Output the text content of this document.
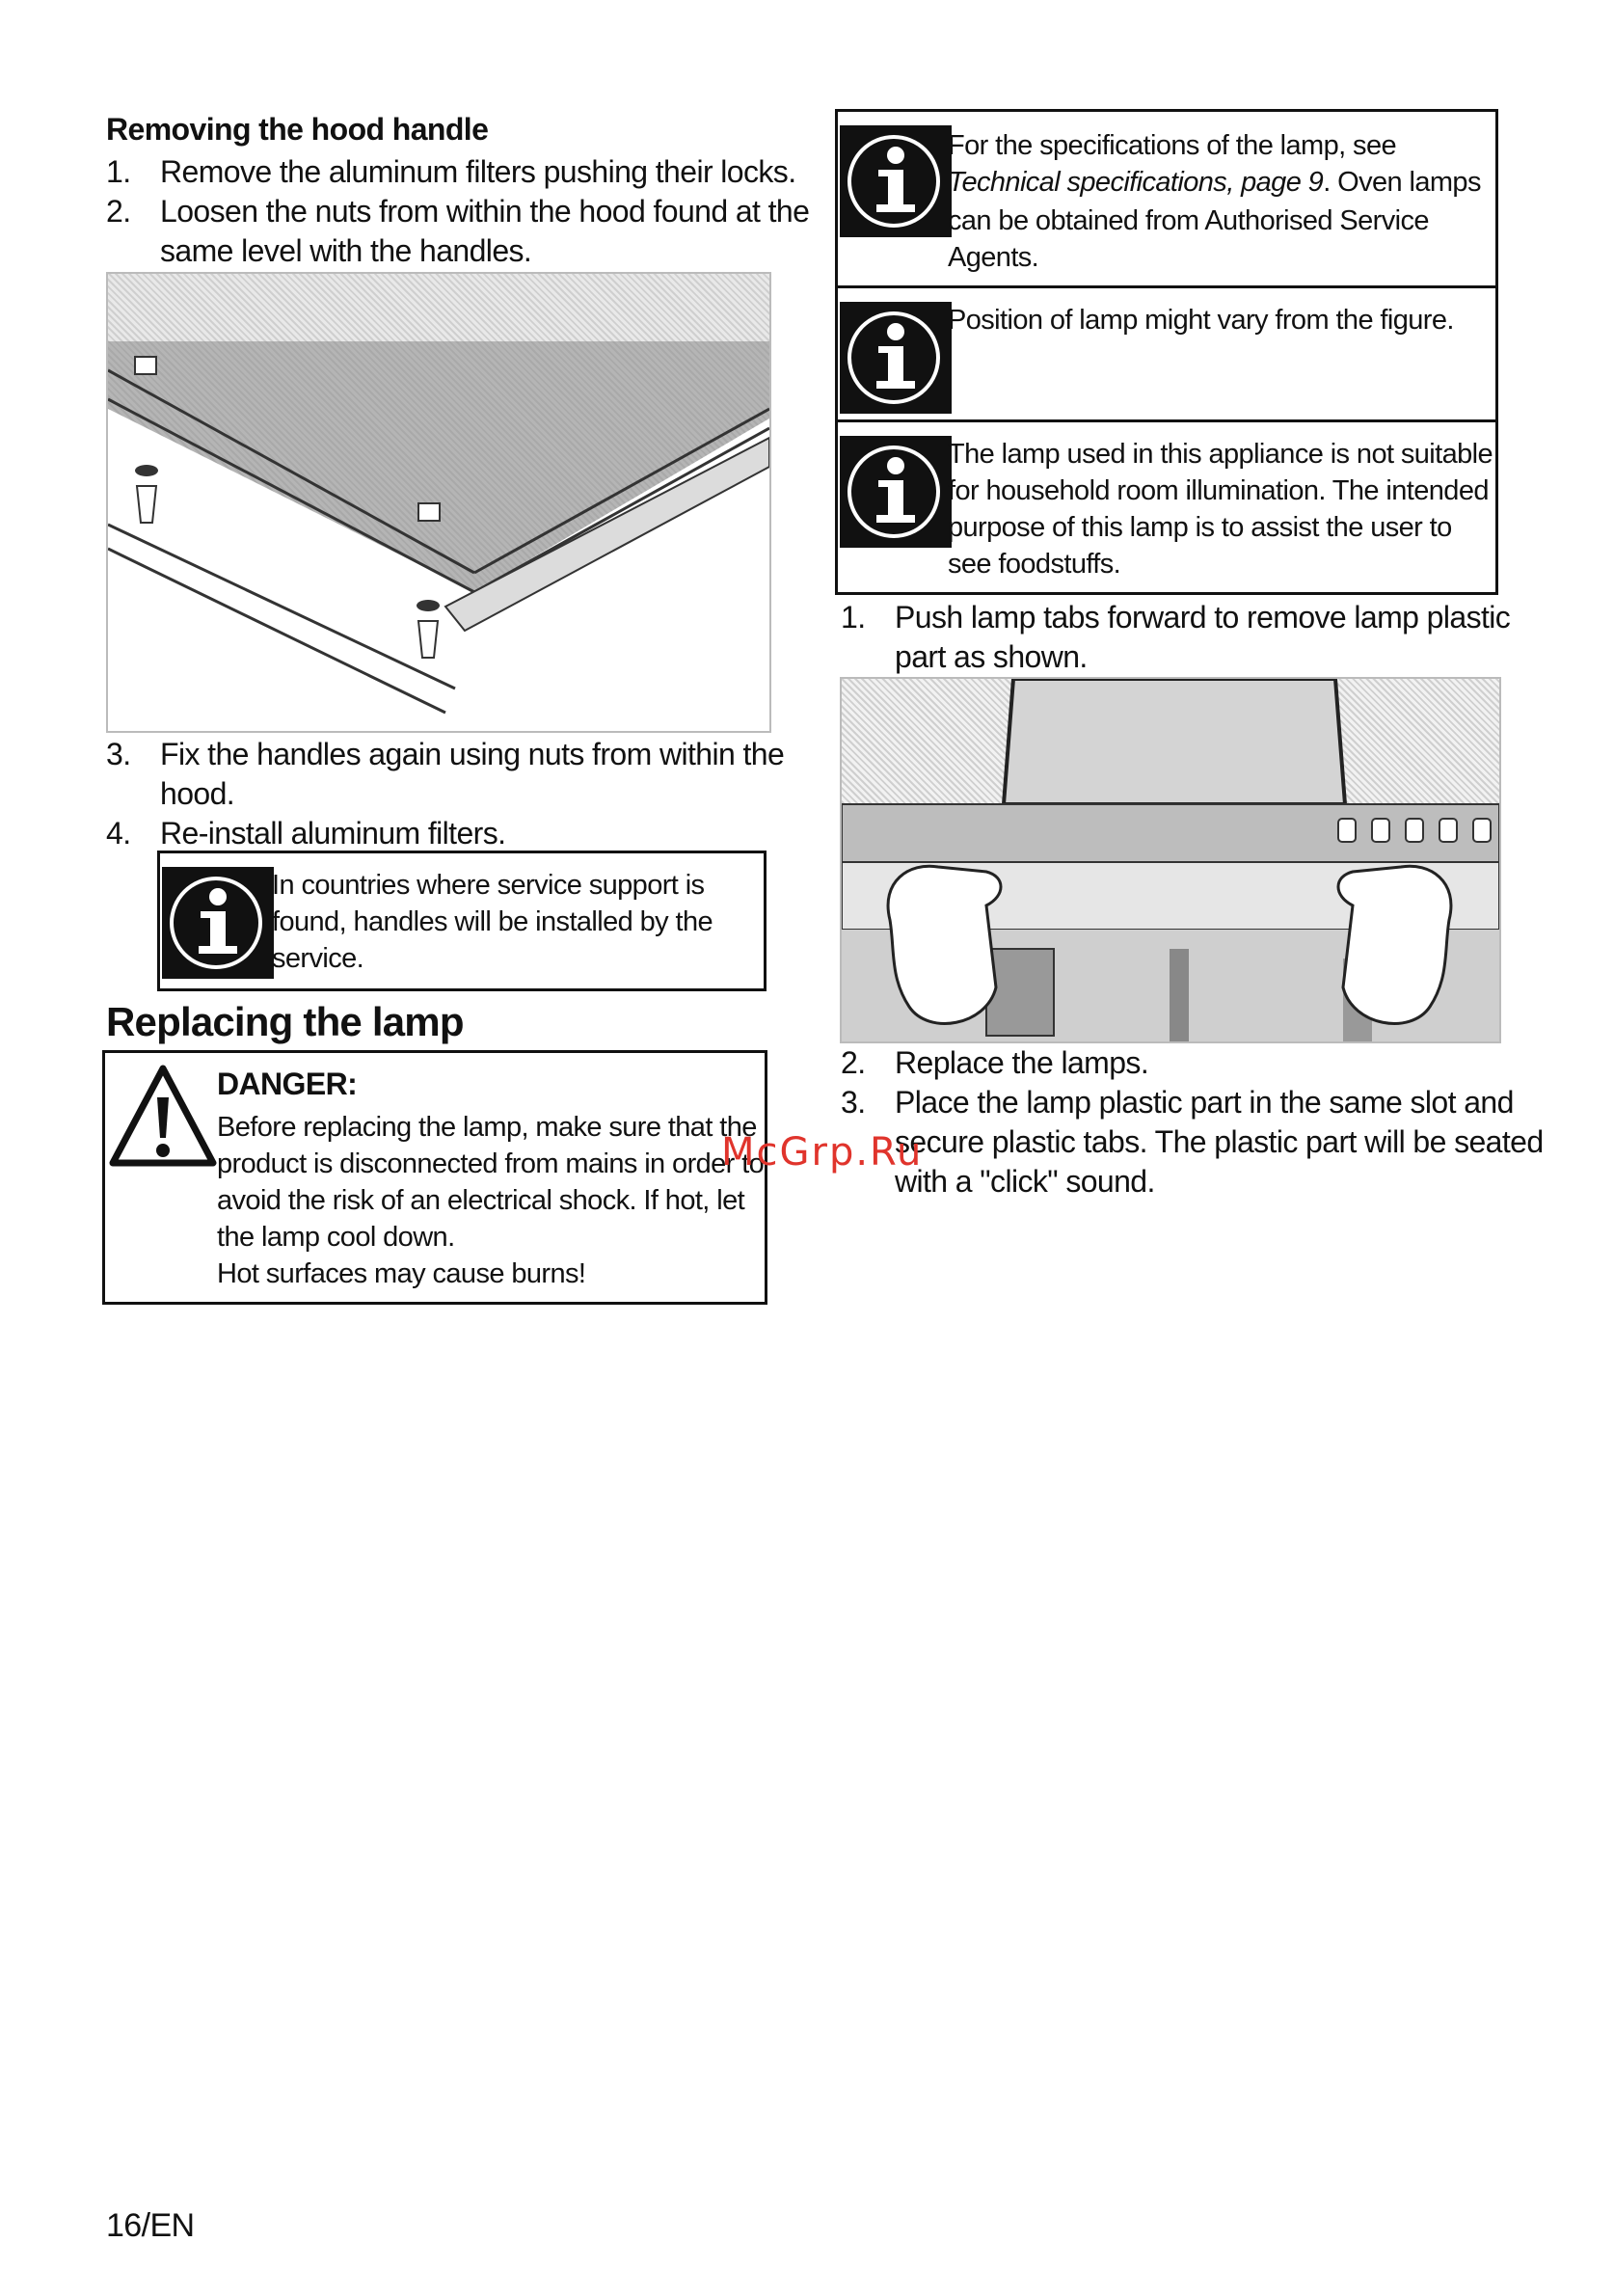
Removing the hood handle
1. Remove the aluminum filters pushing their locks.
2. Loosen the nuts from within the hood found at the
same level with the handles.
3. Fix the handles again using nuts from within the
hood.
4. Re-install aluminum filters.
In countries where service support is
found, handles will be installed by the
service.
Replacing the lamp
DANGER:
Before replacing the lamp, make sure that the
product is disconnected from mains in order to
avoid the risk of an electrical shock. If hot, let
the lamp cool down.
Hot surfaces may cause burns!
For the specifications of the lamp, see
Technical specifications, page 9. Oven lamps
can be obtained from Authorised Service
Agents.
Position of lamp might vary from the figure.
The lamp used in this appliance is not suitable
for household room illumination. The intended
purpose of this lamp is to assist the user to
see foodstuffs.
1. Push lamp tabs forward to remove lamp plastic
part as shown.
2. Replace the lamps.
3. Place the lamp plastic part in the same slot and
secure plastic tabs. The plastic part will be seated
with a "click" sound.
McGrp.Ru
16/EN
